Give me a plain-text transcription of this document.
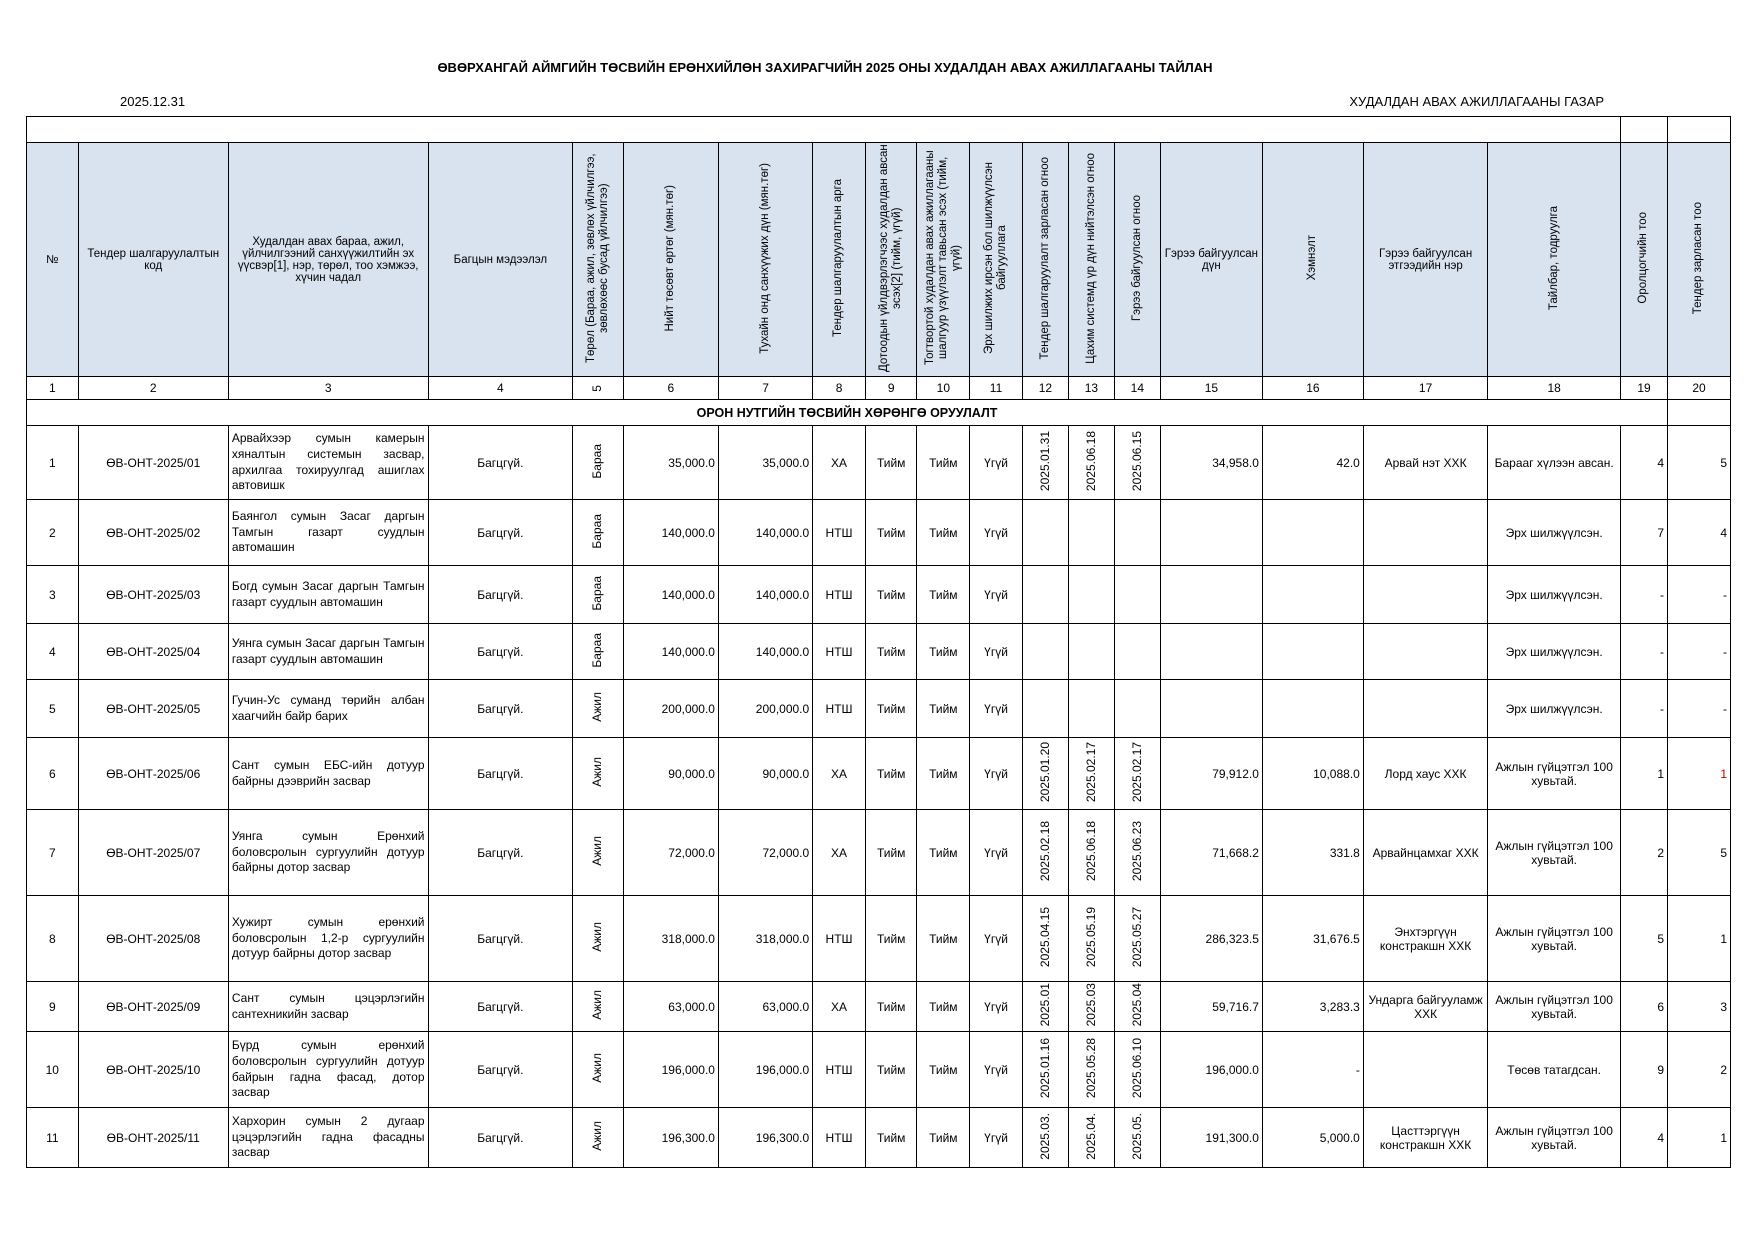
ӨВӨРХАНГАЙ АЙМГИЙН ТӨСВИЙН ЕРӨНХИЙЛӨН ЗАХИРАГЧИЙН 2025 ОНЫ ХУДАЛДАН АВАХ АЖИЛЛАГААНЫ ТАЙЛАН
2025.12.31	ХУДАЛДАН АВАХ АЖИЛЛАГААНЫ ГАЗАР

№	Тендер шалгаруулалтын код	Худалдан авах бараа, ажил, үйлчилгээний санхүүжилтийн эх үүсвэр[1], нэр, төрөл, тоо хэмжээ, хүчин чадал	Багцын мэдээлэл	Төрөл (Бараа, ажил, зөвлөх үйлчилгээ, зөвлөхөөс бусад үйлчилгээ)	Нийт төсөвт өртөг (мян.төг)	Тухайн онд санхүүжих дүн (мян.төг)	Тендер шалгаруулалтын арга	Дотоодын үйлдвэрлэгчээс худалдан авсан эсэх[2] (тийм, үгүй)	Тогтвортой худалдан авах ажиллагааны шалгуур үзүүлэлт тавьсан эсэх (тийм, үгүй)	Эрх шилжих ирсэн бол шилжүүлсэн байгууллага	Тендер шалгаруулалт зарласан огноо	Цахим системд үр дүн нийтэлсэн огноо	Гэрээ байгуулсан огноо	Гэрээ байгуулсан дүн	Хэмнэлт	Гэрээ байгуулсан этгээдийн нэр	Тайлбар, тодруулга	Оролцогчийн тоо	Тендер зарласан тоо
1	2	3	4	5	6	7	8	9	10	11	12	13	14	15	16	17	18	19	20
ОРОН НУТГИЙН ТӨСВИЙН ХӨРӨНГӨ ОРУУЛАЛТ																			
1	ӨВ-ОНТ-2025/01	Арвайхээр сумын камерын хяналтын системын засвар, архилгаа тохируулгад ашиглах автовишк	Багцгүй.	Бараа	35,000.0	35,000.0	ХА	Тийм	Тийм	Үгүй	2025.01.31	2025.06.18	2025.06.15	34,958.0	42.0	Арвай нэт ХХК	Барааг хүлээн авсан.	4	5
2	ӨВ-ОНТ-2025/02	Баянгол сумын Засаг даргын Тамгын газарт суудлын автомашин	Багцгүй.	Бараа	140,000.0	140,000.0	НТШ	Тийм	Тийм	Үгүй							Эрх шилжүүлсэн.	7	4
3	ӨВ-ОНТ-2025/03	Богд сумын Засаг даргын Тамгын газарт суудлын автомашин	Багцгүй.	Бараа	140,000.0	140,000.0	НТШ	Тийм	Тийм	Үгүй							Эрх шилжүүлсэн.	-	-
4	ӨВ-ОНТ-2025/04	Уянга сумын Засаг даргын Тамгын газарт суудлын автомашин	Багцгүй.	Бараа	140,000.0	140,000.0	НТШ	Тийм	Тийм	Үгүй							Эрх шилжүүлсэн.	-	-
5	ӨВ-ОНТ-2025/05	Гучин-Ус суманд төрийн албан хаагчийн байр барих	Багцгүй.	Ажил	200,000.0	200,000.0	НТШ	Тийм	Тийм	Үгүй							Эрх шилжүүлсэн.	-	-
6	ӨВ-ОНТ-2025/06	Сант сумын ЕБС-ийн дотуур байрны дээврийн засвар	Багцгүй.	Ажил	90,000.0	90,000.0	ХА	Тийм	Тийм	Үгүй	2025.01.20	2025.02.17	2025.02.17	79,912.0	10,088.0	Лорд хаус ХХК	Ажлын гүйцэтгэл 100 хувьтай.	1	1
7	ӨВ-ОНТ-2025/07	Уянга сумын Ерөнхий боловсролын сургуулийн дотуур байрны дотор засвар	Багцгүй.	Ажил	72,000.0	72,000.0	ХА	Тийм	Тийм	Үгүй	2025.02.18	2025.06.18	2025.06.23	71,668.2	331.8	Арвайнцамхаг ХХК	Ажлын гүйцэтгэл 100 хувьтай.	2	5
8	ӨВ-ОНТ-2025/08	Хужирт сумын ерөнхий боловсролын 1,2-р сургуулийн дотуур байрны дотор засвар	Багцгүй.	Ажил	318,000.0	318,000.0	НТШ	Тийм	Тийм	Үгүй	2025.04.15	2025.05.19	2025.05.27	286,323.5	31,676.5	Энхтэргүүн констракшн ХХК	Ажлын гүйцэтгэл 100 хувьтай.	5	1
9	ӨВ-ОНТ-2025/09	Сант сумын цэцэрлэгийн сантехникийн засвар	Багцгүй.	Ажил	63,000.0	63,000.0	ХА	Тийм	Тийм	Үгүй	2025.01	2025.03	2025.04	59,716.7	3,283.3	Ундарга байгууламж ХХК	Ажлын гүйцэтгэл 100 хувьтай.	6	3
10	ӨВ-ОНТ-2025/10	Бүрд сумын ерөнхий боловсролын сургуулийн дотуур байрын гадна фасад, дотор засвар	Багцгүй.	Ажил	196,000.0	196,000.0	НТШ	Тийм	Тийм	Үгүй	2025.01.16	2025.05.28	2025.06.10	196,000.0	-		Төсөв татагдсан.	9	2
11	ӨВ-ОНТ-2025/11	Хархорин сумын 2 дугаар цэцэрлэгийн гадна фасадны засвар	Багцгүй.	Ажил	196,300.0	196,300.0	НТШ	Тийм	Тийм	Үгүй	2025.03.	2025.04.	2025.05.	191,300.0	5,000.0	Цасттэргүүн констракшн ХХК	Ажлын гүйцэтгэл 100 хувьтай.	4	1
